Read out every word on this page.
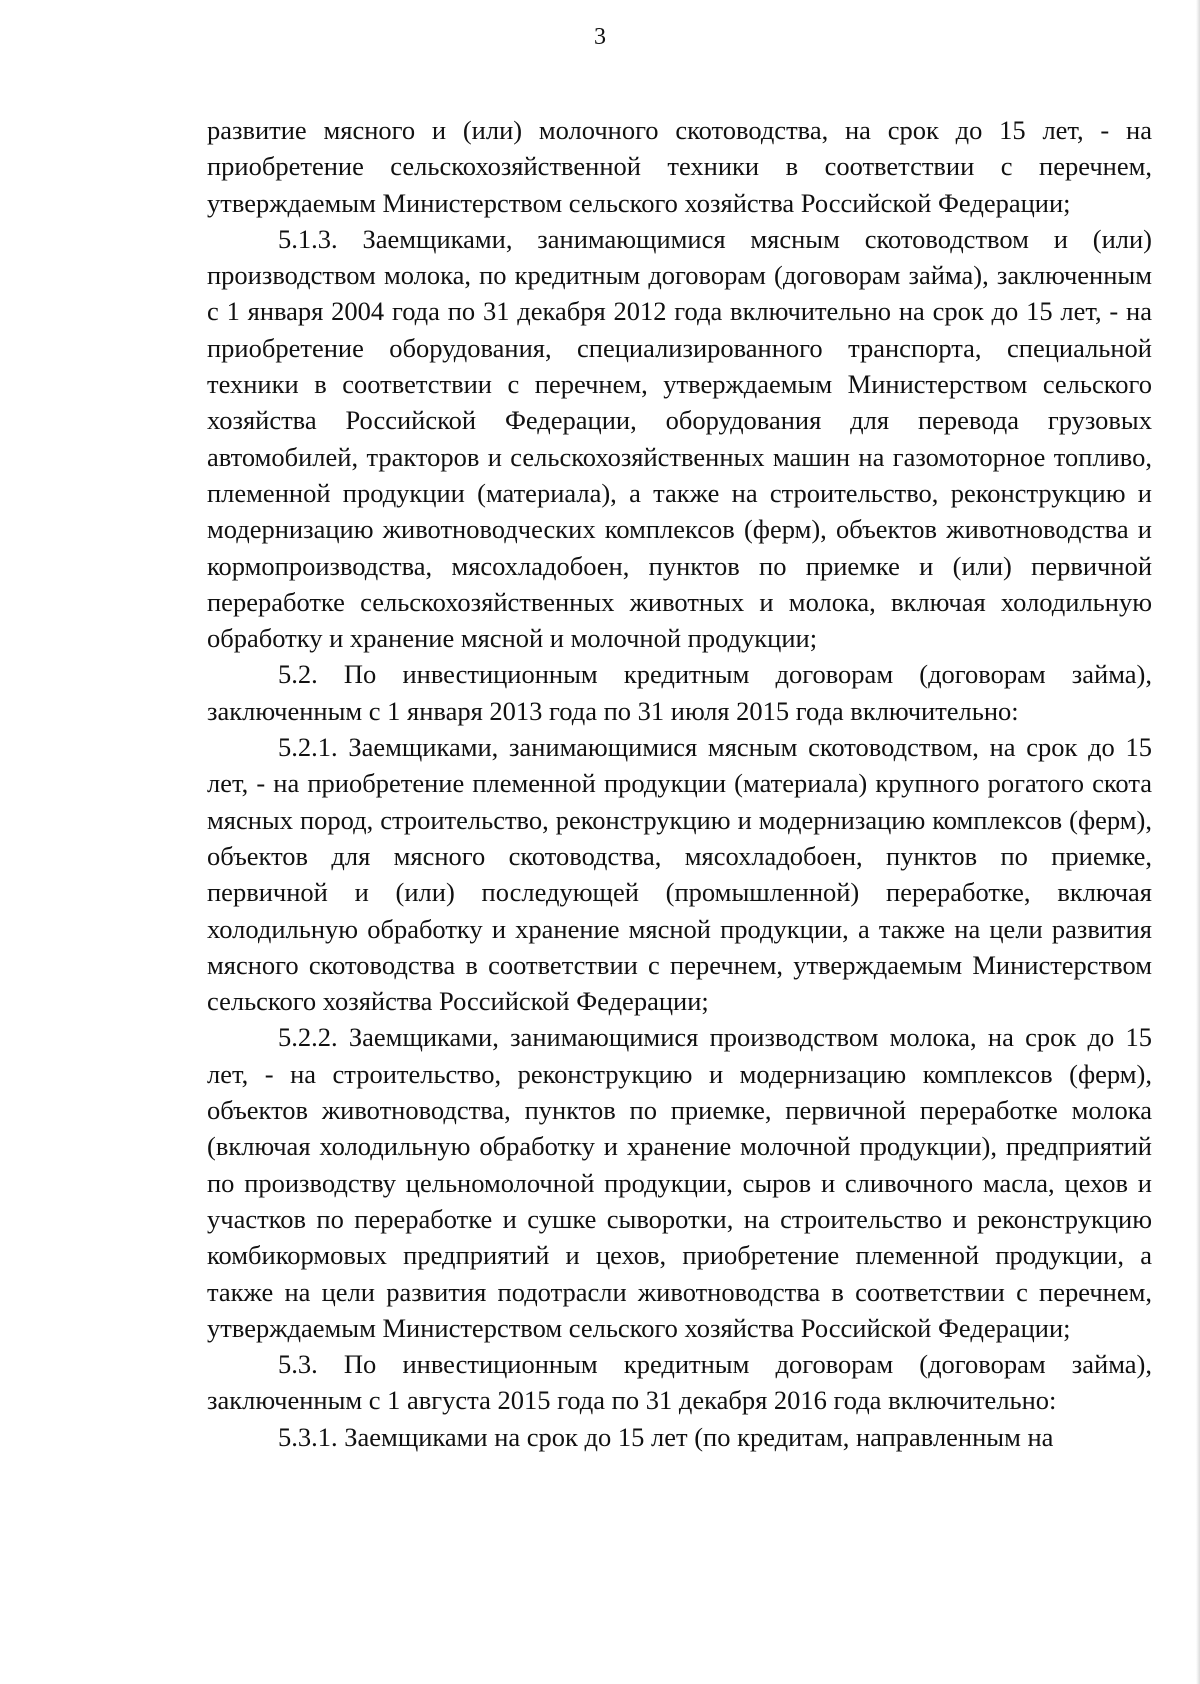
3

развитие мясного и (или) молочного скотоводства, на срок до 15 лет, - на приобретение сельскохозяйственной техники в соответствии с перечнем, утверждаемым Министерством сельского хозяйства Российской Федерации;

5.1.3. Заемщиками, занимающимися мясным скотоводством и (или) производством молока, по кредитным договорам (договорам займа), заключенным с 1 января 2004 года по 31 декабря 2012 года включительно на срок до 15 лет, - на приобретение оборудования, специализированного транспорта, специальной техники в соответствии с перечнем, утверждаемым Министерством сельского хозяйства Российской Федерации, оборудования для перевода грузовых автомобилей, тракторов и сельскохозяйственных машин на газомоторное топливо, племенной продукции (материала), а также на строительство, реконструкцию и модернизацию животноводческих комплексов (ферм), объектов животноводства и кормопроизводства, мясохладобоен, пунктов по приемке и (или) первичной переработке сельскохозяйственных животных и молока, включая холодильную обработку и хранение мясной и молочной продукции;

5.2. По инвестиционным кредитным договорам (договорам займа), заключенным с 1 января 2013 года по 31 июля 2015 года включительно:

5.2.1. Заемщиками, занимающимися мясным скотоводством, на срок до 15 лет, - на приобретение племенной продукции (материала) крупного рогатого скота мясных пород, строительство, реконструкцию и модернизацию комплексов (ферм), объектов для мясного скотоводства, мясохладобоен, пунктов по приемке, первичной и (или) последующей (промышленной) переработке, включая холодильную обработку и хранение мясной продукции, а также на цели развития мясного скотоводства в соответствии с перечнем, утверждаемым Министерством сельского хозяйства Российской Федерации;

5.2.2. Заемщиками, занимающимися производством молока, на срок до 15 лет, - на строительство, реконструкцию и модернизацию комплексов (ферм), объектов животноводства, пунктов по приемке, первичной переработке молока (включая холодильную обработку и хранение молочной продукции), предприятий по производству цельномолочной продукции, сыров и сливочного масла, цехов и участков по переработке и сушке сыворотки, на строительство и реконструкцию комбикормовых предприятий и цехов, приобретение племенной продукции, а также на цели развития подотрасли животноводства в соответствии с перечнем, утверждаемым Министерством сельского хозяйства Российской Федерации;

5.3. По инвестиционным кредитным договорам (договорам займа), заключенным с 1 августа 2015 года по 31 декабря 2016 года включительно:

5.3.1. Заемщиками на срок до 15 лет (по кредитам, направленным на
